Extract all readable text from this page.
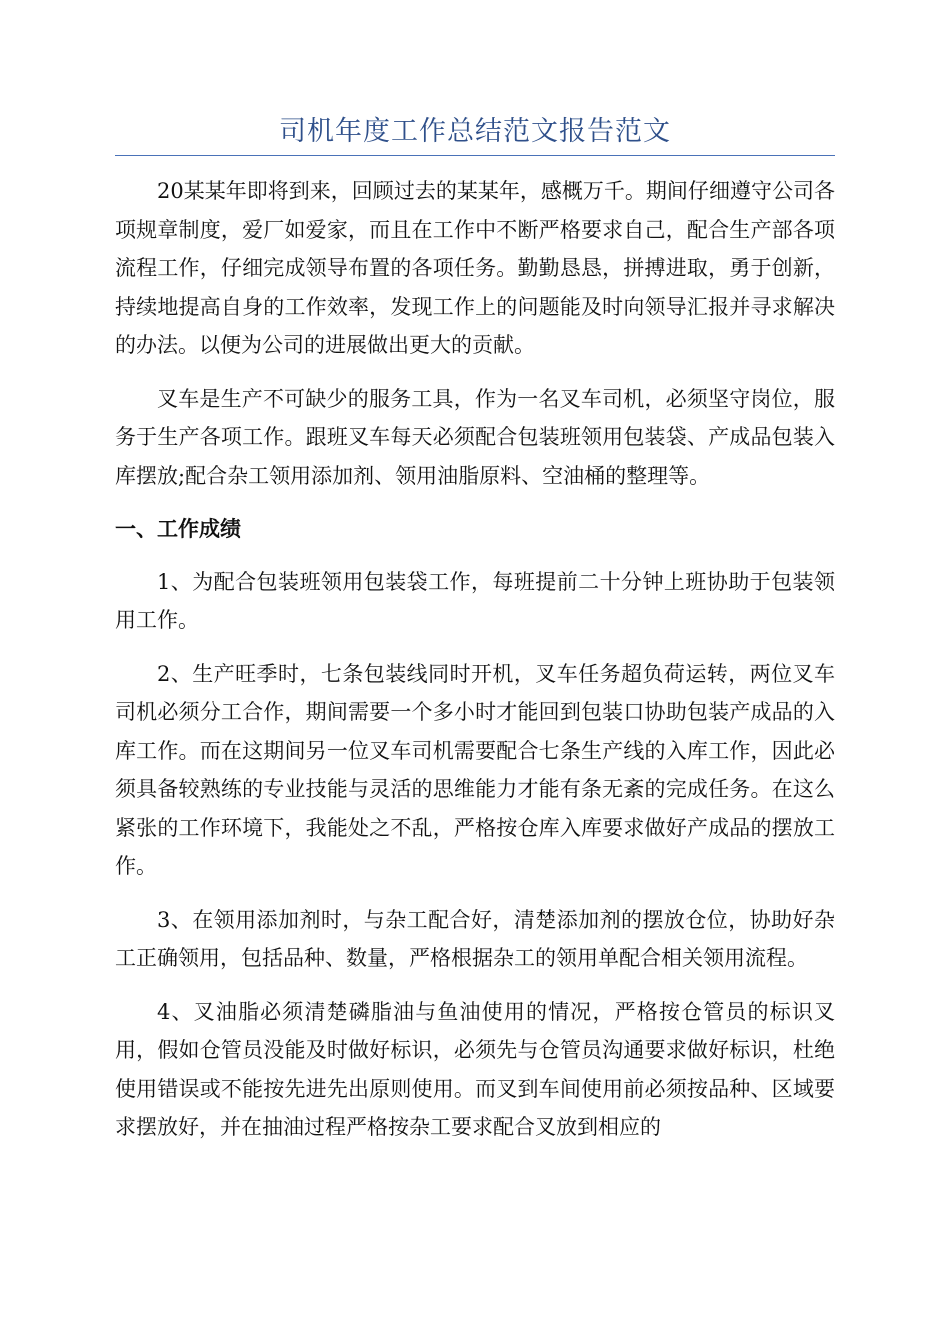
司机年度工作总结范文报告范文

20某某年即将到来，回顾过去的某某年，感概万千。期间仔细遵守公司各项规章制度，爱厂如爱家，而且在工作中不断严格要求自己，配合生产部各项流程工作，仔细完成领导布置的各项任务。勤勤恳恳，拼搏进取，勇于创新，持续地提高自身的工作效率，发现工作上的问题能及时向领导汇报并寻求解决的办法。以便为公司的进展做出更大的贡献。

叉车是生产不可缺少的服务工具，作为一名叉车司机，必须坚守岗位，服务于生产各项工作。跟班叉车每天必须配合包装班领用包装袋、产成品包装入库摆放;配合杂工领用添加剂、领用油脂原料、空油桶的整理等。

一、工作成绩

1、为配合包装班领用包装袋工作，每班提前二十分钟上班协助于包装领用工作。

2、生产旺季时，七条包装线同时开机，叉车任务超负荷运转，两位叉车司机必须分工合作，期间需要一个多小时才能回到包装口协助包装产成品的入库工作。而在这期间另一位叉车司机需要配合七条生产线的入库工作，因此必须具备较熟练的专业技能与灵活的思维能力才能有条无紊的完成任务。在这么紧张的工作环境下，我能处之不乱，严格按仓库入库要求做好产成品的摆放工作。

3、在领用添加剂时，与杂工配合好，清楚添加剂的摆放仓位，协助好杂工正确领用，包括品种、数量，严格根据杂工的领用单配合相关领用流程。

4、叉油脂必须清楚磷脂油与鱼油使用的情况，严格按仓管员的标识叉用，假如仓管员没能及时做好标识，必须先与仓管员沟通要求做好标识，杜绝使用错误或不能按先进先出原则使用。而叉到车间使用前必须按品种、区域要求摆放好，并在抽油过程严格按杂工要求配合叉放到相应的
